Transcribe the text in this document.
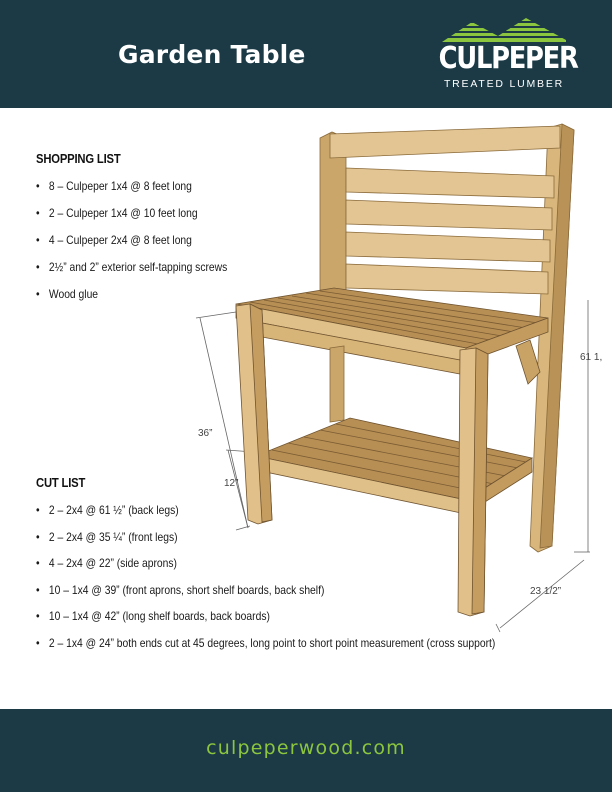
Garden Table	CULPEPER
TREATED LUMBER
SHOPPING LIST
• 8 – Culpeper 1x4 @ 8 feet long
• 2 – Culpeper 1x4 @ 10 feet long
• 4 – Culpeper 2x4 @ 8 feet long
• 2½” and 2” exterior self-tapping screws
• Wood glue
CUT LIST
• 2 – 2x4 @ 61 ½” (back legs)
• 2 – 2x4 @ 35 ¼” (front legs)
• 4 – 2x4 @ 22” (side aprons)
• 10 – 1x4 @ 39” (front aprons, short shelf boards, back shelf)
• 10 – 1x4 @ 42” (long shelf boards, back boards)
• 2 – 1x4 @ 24” both ends cut at 45 degrees, long point to short point measurement (cross support)
36”
12”
61 1,
23 1/2”
culpeperwood.com
